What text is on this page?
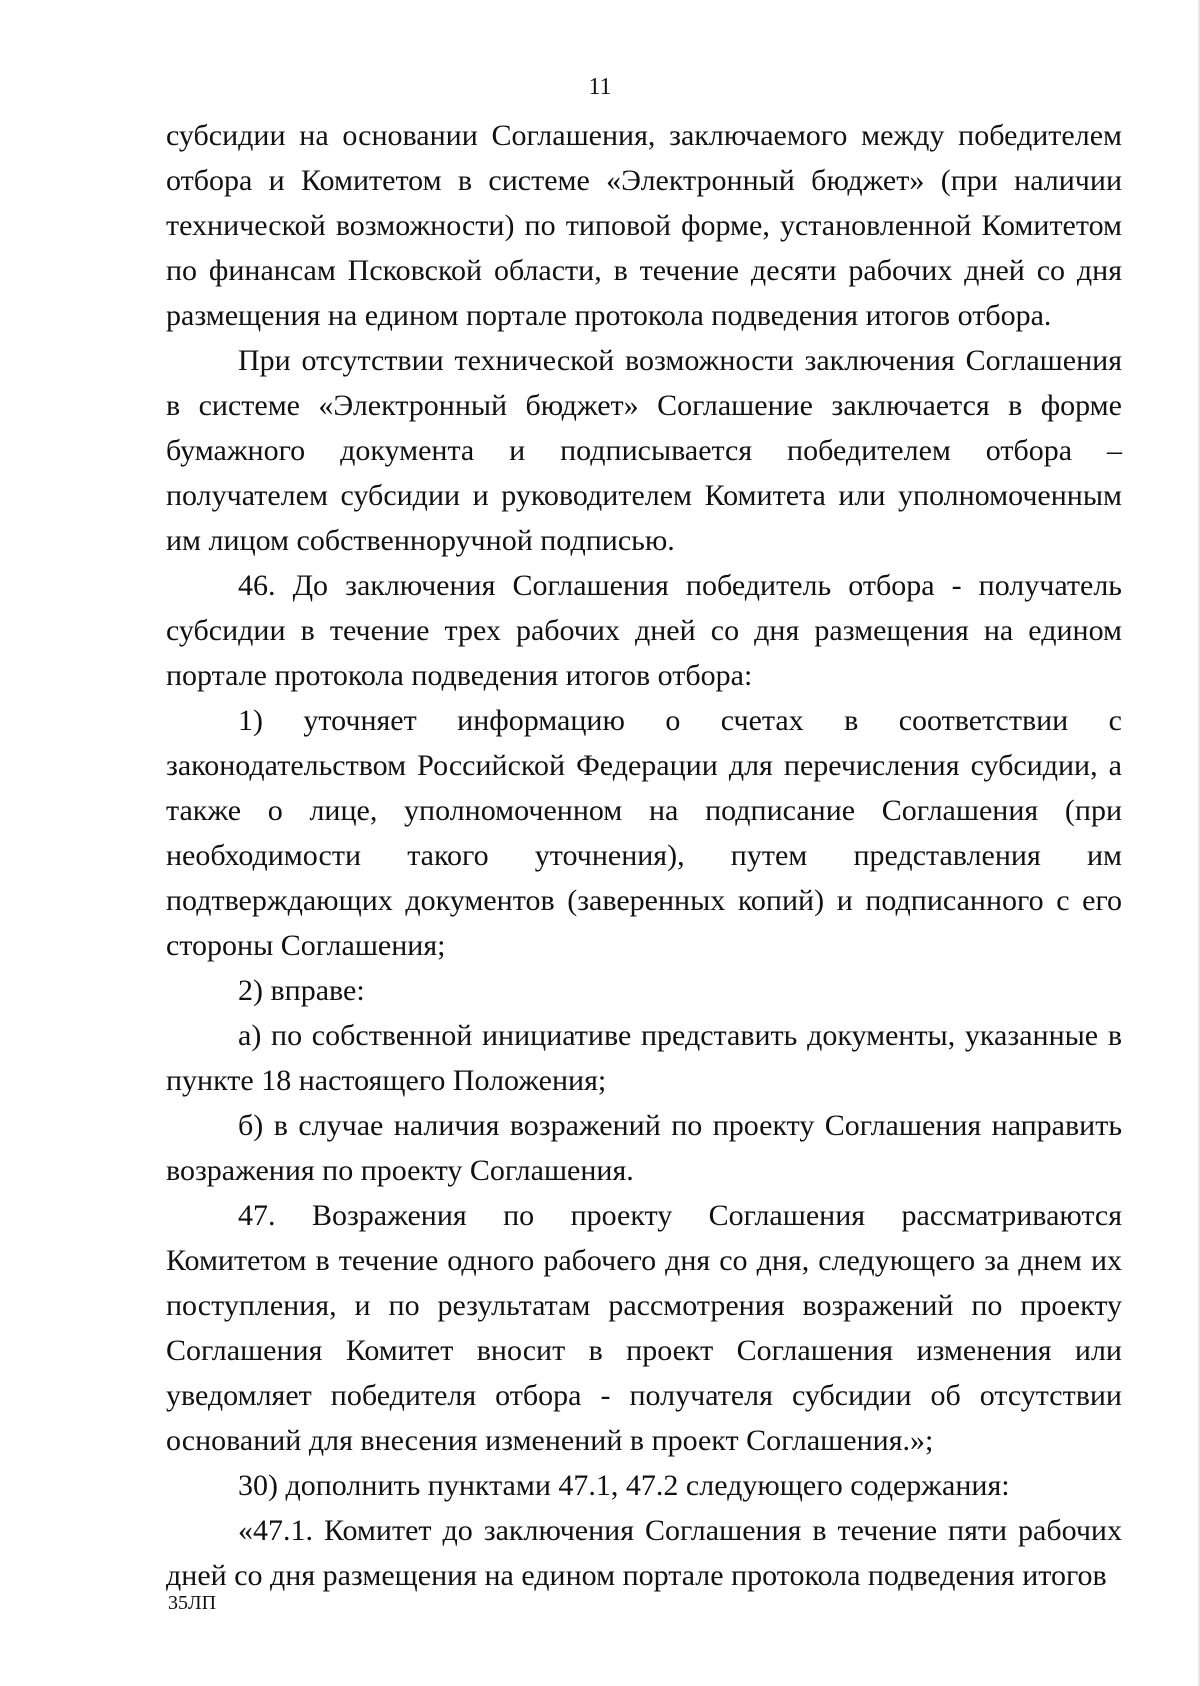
11

субсидии на основании Соглашения, заключаемого между победителем отбора и Комитетом в системе «Электронный бюджет» (при наличии технической возможности) по типовой форме, установленной Комитетом по финансам Псковской области, в течение десяти рабочих дней со дня размещения на едином портале протокола подведения итогов отбора.

При отсутствии технической возможности заключения Соглашения в системе «Электронный бюджет» Соглашение заключается в форме бумажного документа и подписывается победителем отбора – получателем субсидии и руководителем Комитета или уполномоченным им лицом собственноручной подписью.

46. До заключения Соглашения победитель отбора - получатель субсидии в течение трех рабочих дней со дня размещения на едином портале протокола подведения итогов отбора:

1) уточняет информацию о счетах в соответствии с законодательством Российской Федерации для перечисления субсидии, а также о лице, уполномоченном на подписание Соглашения (при необходимости такого уточнения), путем представления им подтверждающих документов (заверенных копий) и подписанного с его стороны Соглашения;

2) вправе:

а) по собственной инициативе представить документы, указанные в пункте 18 настоящего Положения;

б) в случае наличия возражений по проекту Соглашения направить возражения по проекту Соглашения.

47. Возражения по проекту Соглашения рассматриваются Комитетом в течение одного рабочего дня со дня, следующего за днем их поступления, и по результатам рассмотрения возражений по проекту Соглашения Комитет вносит в проект Соглашения изменения или уведомляет победителя отбора - получателя субсидии об отсутствии оснований для внесения изменений в проект Соглашения.»;

30) дополнить пунктами 47.1, 47.2 следующего содержания:

«47.1. Комитет до заключения Соглашения в течение пяти рабочих дней со дня размещения на едином портале протокола подведения итогов

35ЛП
